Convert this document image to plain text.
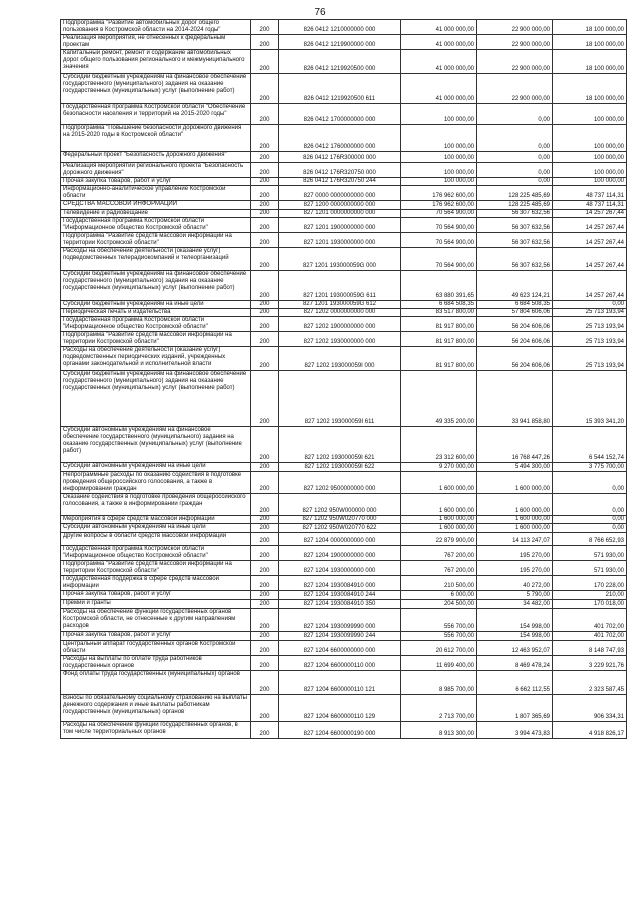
76
Подпрограмма "Развитие автомобильных дорог общего пользования в Костромской области на 2014-2024 годы"	200	826 0412 1210000000 000	41 000 000,00	22 900 000,00	18 100 000,00
Реализация мероприятия, не отнесенных к федеральным проектам	200	826 0412 1219900000 000	41 000 000,00	22 900 000,00	18 100 000,00
Капитальный ремонт, ремонт и содержание автомобильных дорог общего пользования регионального и межмуниципального значения	200	826 0412 1219920500 000	41 000 000,00	22 900 000,00	18 100 000,00
Субсидии бюджетным учреждениям на финансовое обеспечение государственного (муниципального) задания на оказание государственных (муниципальных) услуг (выполнение работ)	200	826 0412 1219920500 611	41 000 000,00	22 900 000,00	18 100 000,00
Государственная программа Костромской области "Обеспечение безопасности населения и территорий на 2015-2020 годы"	200	826 0412 1700000000 000	100 000,00	0,00	100 000,00
Подпрограмма "Повышение безопасности дорожного движения на 2015-2020 годы в Костромской области"	200	826 0412 1760000000 000	100 000,00	0,00	100 000,00
Федеральный проект "Безопасность дорожного движения"	200	826 0412 176R300000 000	100 000,00	0,00	100 000,00
Реализация мероприятий регионального проекта "Безопасность дорожного движения"	200	826 0412 176R320750 000	100 000,00	0,00	100 000,00
Прочая закупка товаров, работ и услуг	200	826 0412 176R320750 244	100 000,00	0,00	100 000,00
Информационно-аналитическое управление Костромской области	200	827 0000 0000000000 000	176 962 600,00	128 225 485,69	48 737 114,31
СРЕДСТВА МАССОВОЙ ИНФОРМАЦИИ	200	827 1200 0000000000 000	176 962 600,00	128 225 485,69	48 737 114,31
Телевидение и радиовещание	200	827 1201 0000000000 000	70 564 900,00	56 307 632,56	14 257 267,44
Государственная программа Костромской области "Информационное общество Костромской области"	200	827 1201 1900000000 000	70 564 900,00	56 307 632,56	14 257 267,44
Подпрограмма "Развитие средств массовой информации на территории Костромской области"	200	827 1201 1930000000 000	70 564 900,00	56 307 632,56	14 257 267,44
Расходы на обеспечение деятельности (оказание услуг) подведомственных телерадиокомпаний и телеорганизаций	200	827 1201 193000059G 000	70 564 900,00	56 307 632,56	14 257 267,44
Субсидии бюджетным учреждениям на финансовое обеспечение государственного (муниципального) задания на оказание государственных (муниципальных) услуг (выполнение работ)	200	827 1201 193000059G 611	63 880 391,65	49 623 124,21	14 257 267,44
Субсидии бюджетным учреждениям на иные цели	200	827 1201 193000059G 612	6 684 508,35	6 684 508,35	0,00
Периодическая печать и издательства	200	827 1202 0000000000 000	83 517 800,00	57 804 606,06	25 713 193,94
Государственная программа Костромской области "Информационное общество Костромской области"	200	827 1202 1900000000 000	81 917 800,00	56 204 606,06	25 713 193,94
Подпрограмма "Развитие средств массовой информации на территории Костромской области"	200	827 1202 1930000000 000	81 917 800,00	56 204 606,06	25 713 193,94
Расходы на обеспечение деятельности (оказание услуг) подведомственных периодических изданий, учрежденных органами законодательной и исполнительной власти	200	827 1202 193000059I 000	81 917 800,00	56 204 606,06	25 713 193,94
Субсидии бюджетным учреждениям на финансовое обеспечение государственного (муниципального) задания на оказание государственных (муниципальных) услуг (выполнение работ)	200	827 1202 193000059I 611	49 335 200,00	33 941 858,80	15 393 341,20
Субсидии автономным учреждениям на финансовое обеспечение государственного (муниципального) задания на оказание государственных (муниципальных) услуг (выполнение работ)	200	827 1202 193000059I 621	23 312 600,00	16 768 447,26	6 544 152,74
Субсидии автономным учреждениям на иные цели	200	827 1202 193000059I 622	9 270 000,00	5 494 300,00	3 775 700,00
Непрограммные расходы по оказанию содействия в подготовке проведения общероссийского голосования, а также в информировании граждан	200	827 1202 9500000000 000	1 600 000,00	1 600 000,00	0,00
Оказание содействия в подготовке проведения общероссийского голосования, а также в информировании граждан	200	827 1202 950W000000 000	1 600 000,00	1 600 000,00	0,00
Мероприятия в сфере средств массовой информации	200	827 1202 950W020770 000	1 600 000,00	1 600 000,00	0,00
Субсидии автономным учреждениям на иные цели	200	827 1202 950W020770 622	1 600 000,00	1 600 000,00	0,00
Другие вопросы в области средств массовой информации	200	827 1204 0000000000 000	22 879 900,00	14 113 247,07	8 766 652,93
Государственная программа Костромской области "Информационное общество Костромской области"	200	827 1204 1900000000 000	767 200,00	195 270,00	571 930,00
Подпрограмма "Развитие средств массовой информации на территории Костромской области"	200	827 1204 1930000000 000	767 200,00	195 270,00	571 930,00
Государственная поддержка в сфере средств массовой информации	200	827 1204 1930084910 000	210 500,00	40 272,00	170 228,00
Прочая закупка товаров, работ и услуг	200	827 1204 1930084910 244	6 000,00	5 790,00	210,00
Премии и гранты	200	827 1204 1930084910 350	204 500,00	34 482,00	170 018,00
Расходы на обеспечение функций государственных органов Костромской области, не отнесенные к другим направлениям расходов	200	827 1204 1930099990 000	556 700,00	154 998,00	401 702,00
Прочая закупка товаров, работ и услуг	200	827 1204 1930099990 244	556 700,00	154 998,00	401 702,00
Центральный аппарат государственных органов Костромской области	200	827 1204 6600000000 000	20 612 700,00	12 463 952,07	8 148 747,93
Расходы на выплаты по оплате труда работников государственных органов	200	827 1204 6600000110 000	11 699 400,00	8 469 478,24	3 229 921,76
Фонд оплаты труда государственных (муниципальных) органов	200	827 1204 6600000110 121	8 985 700,00	6 662 112,55	2 323 587,45
Взносы по обязательному социальному страхованию на выплаты денежного содержания и иные выплаты работникам государственных (муниципальных) органов	200	827 1204 6600000110 129	2 713 700,00	1 807 365,69	906 334,31
Расходы на обеспечение функций государственных органов, в том числе территориальных органов	200	827 1204 6600000190 000	8 913 300,00	3 994 473,83	4 918 826,17
